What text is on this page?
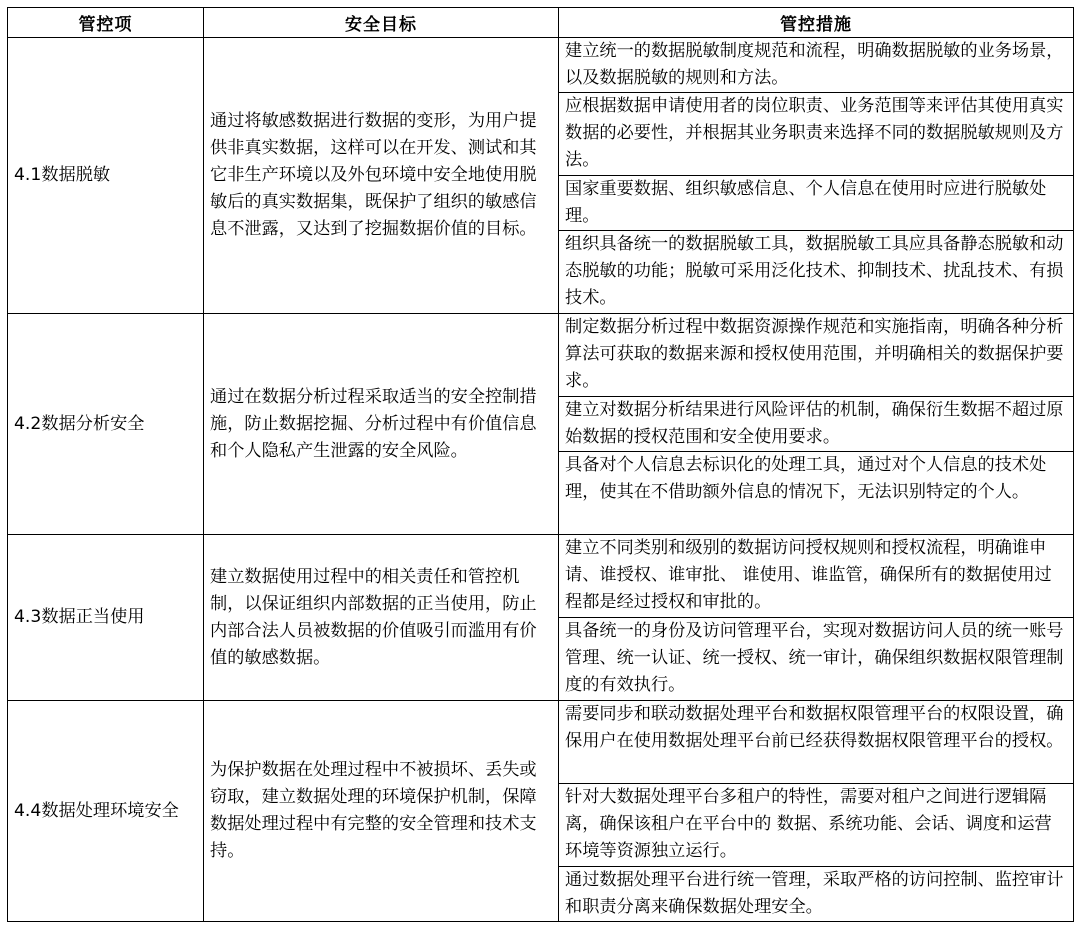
管控项	安全目标	管控措施
4.1数据脱敏	通过将敏感数据进行数据的变形，为用户提供非真实数据，这样可以在开发、测试和其它非生产环境以及外包环境中安全地使用脱敏后的真实数据集，既保护了组织的敏感信息不泄露，又达到了挖掘数据价值的目标。	建立统一的数据脱敏制度规范和流程，明确数据脱敏的业务场景，以及数据脱敏的规则和方法。
		应根据数据申请使用者的岗位职责、业务范围等来评估其使用真实数据的必要性，并根据其业务职责来选择不同的数据脱敏规则及方法。
		国家重要数据、组织敏感信息、个人信息在使用时应进行脱敏处理。
		组织具备统一的数据脱敏工具，数据脱敏工具应具备静态脱敏和动态脱敏的功能；脱敏可采用泛化技术、抑制技术、扰乱技术、有损技术。
4.2数据分析安全	通过在数据分析过程采取适当的安全控制措施，防止数据挖掘、分析过程中有价值信息和个人隐私产生泄露的安全风险。	制定数据分析过程中数据资源操作规范和实施指南，明确各种分析算法可获取的数据来源和授权使用范围，并明确相关的数据保护要求。
		建立对数据分析结果进行风险评估的机制，确保衍生数据不超过原始数据的授权范围和安全使用要求。
		具备对个人信息去标识化的处理工具，通过对个人信息的技术处理，使其在不借助额外信息的情况下，无法识别特定的个人。
4.3数据正当使用	建立数据使用过程中的相关责任和管控机制，以保证组织内部数据的正当使用，防止内部合法人员被数据的价值吸引而滥用有价值的敏感数据。	建立不同类别和级别的数据访问授权规则和授权流程，明确谁申请、谁授权、谁审批、 谁使用、谁监管，确保所有的数据使用过程都是经过授权和审批的。
		具备统一的身份及访问管理平台，实现对数据访问人员的统一账号管理、统一认证、统一授权、统一审计，确保组织数据权限管理制度的有效执行。
4.4数据处理环境安全	为保护数据在处理过程中不被损坏、丢失或窃取，建立数据处理的环境保护机制，保障数据处理过程中有完整的安全管理和技术支持。	需要同步和联动数据处理平台和数据权限管理平台的权限设置，确保用户在使用数据处理平台前已经获得数据权限管理平台的授权。
		针对大数据处理平台多租户的特性，需要对租户之间进行逻辑隔离，确保该租户在平台中的 数据、系统功能、会话、调度和运营环境等资源独立运行。
		通过数据处理平台进行统一管理，采取严格的访问控制、监控审计和职责分离来确保数据处理安全。
